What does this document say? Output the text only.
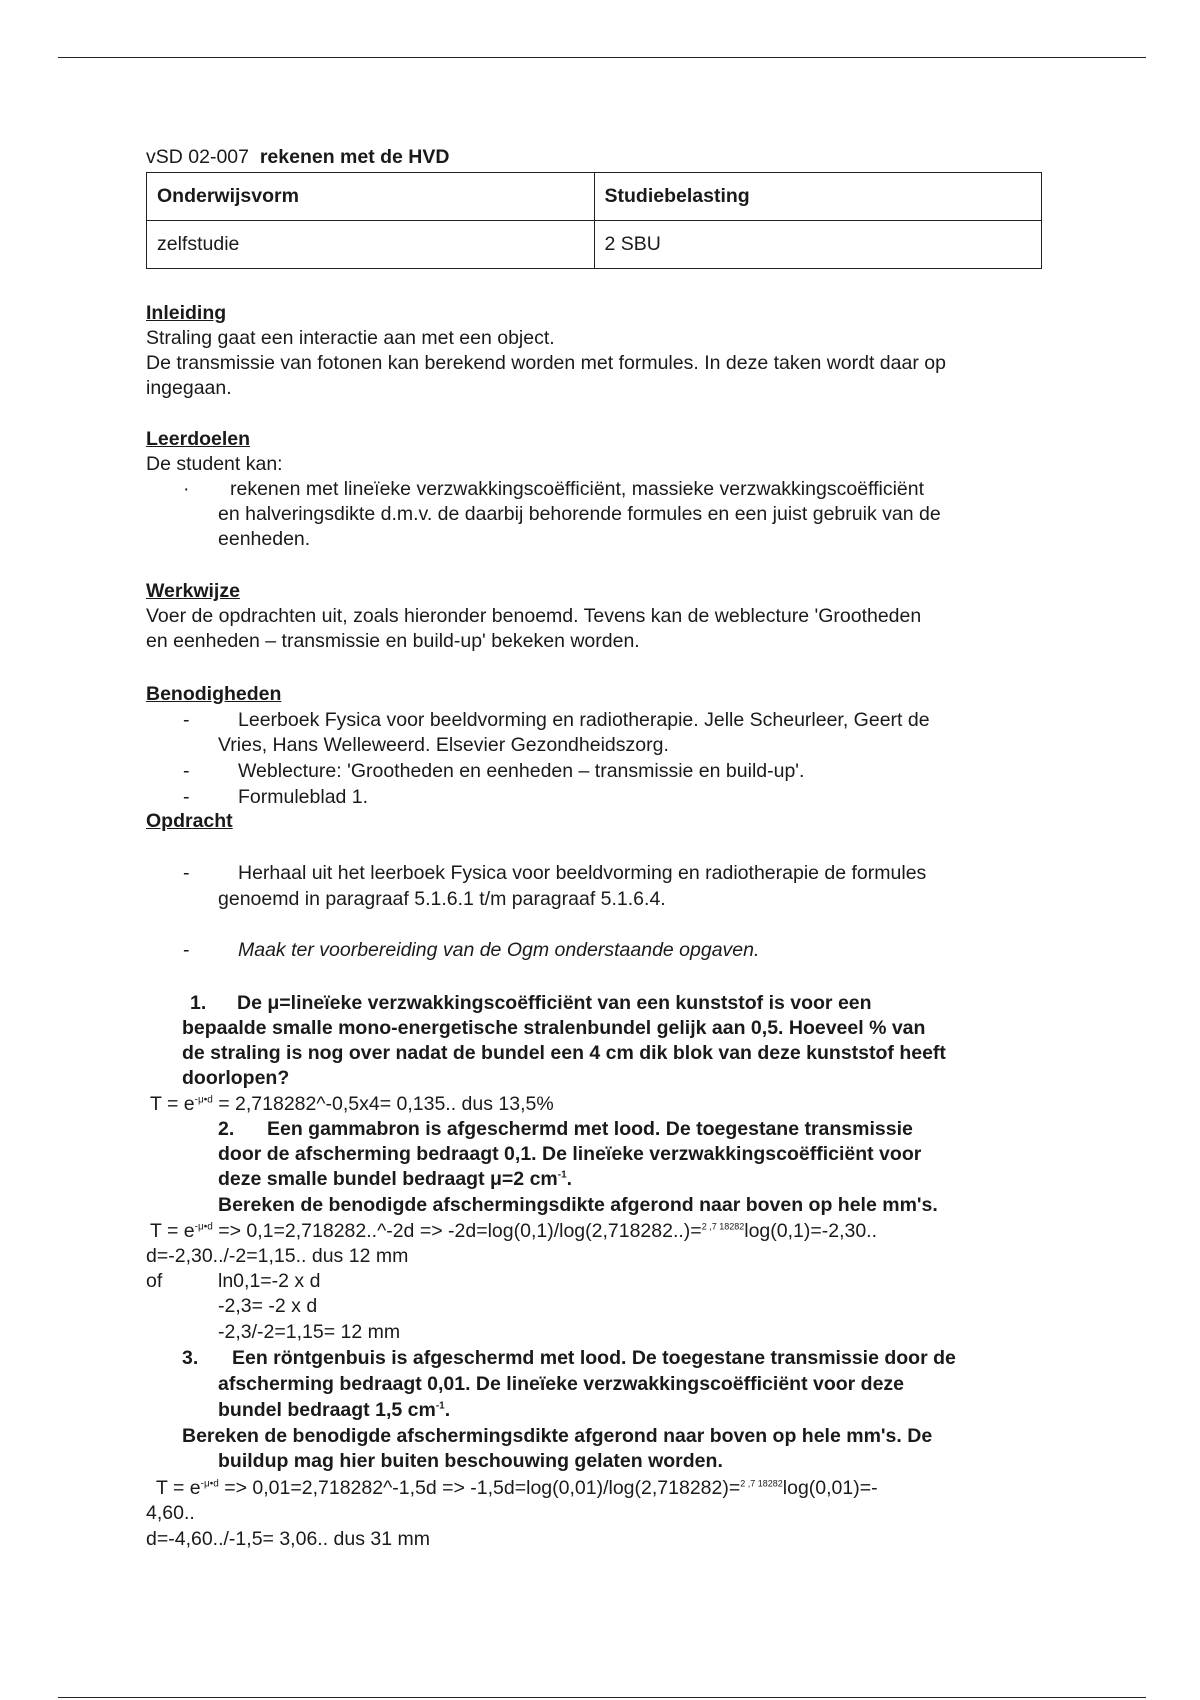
vSD 02-007 rekenen met de HVD
Onderwijsvorm	Studiebelasting
zelfstudie	2 SBU
Inleiding
Straling gaat een interactie aan met een object.
De transmissie van fotonen kan berekend worden met formules. In deze taken wordt daar op
ingegaan.
Leerdoelen
De student kan:
· rekenen met lineïeke verzwakkingscoëfficiënt, massieke verzwakkingscoëfficiënt
en halveringsdikte d.m.v. de daarbij behorende formules en een juist gebruik van de
eenheden.
Werkwijze
Voer de opdrachten uit, zoals hieronder benoemd. Tevens kan de weblecture 'Grootheden
en eenheden – transmissie en build-up' bekeken worden.
Benodigheden
- Leerboek Fysica voor beeldvorming en radiotherapie. Jelle Scheurleer, Geert de
Vries, Hans Welleweerd. Elsevier Gezondheidszorg.
- Weblecture: 'Grootheden en eenheden – transmissie en build-up'.
- Formuleblad 1.
Opdracht
- Herhaal uit het leerboek Fysica voor beeldvorming en radiotherapie de formules
genoemd in paragraaf 5.1.6.1 t/m paragraaf 5.1.6.4.
- Maak ter voorbereiding van de Ogm onderstaande opgaven.
1. De μ=lineïeke verzwakkingscoëfficiënt van een kunststof is voor een
bepaalde smalle mono-energetische stralenbundel gelijk aan 0,5. Hoeveel % van
de straling is nog over nadat de bundel een 4 cm dik blok van deze kunststof heeft
doorlopen?
$T = e^{-\mu•d}$ = 2,718282^-0,5x4= 0,135.. dus 13,5%
2. Een gammabron is afgeschermd met lood. De toegestane transmissie
door de afscherming bedraagt 0,1. De lineïeke verzwakkingscoëfficiënt voor
deze smalle bundel bedraagt μ=2 $cm^{-1}$.
Bereken de benodigde afschermingsdikte afgerond naar boven op hele mm's.
$T = e^{-\mu•d}$ => 0,1=2,718282..^-2d => -2d=log(0,1)/log(2,718282..)=$^{2 ,7 18282}$log(0,1)=-2,30..
d=-2,30../-2=1,15.. dus 12 mm
of	ln0,1=-2 x d
-2,3= -2 x d
-2,3/-2=1,15= 12 mm
3. Een röntgenbuis is afgeschermd met lood. De toegestane transmissie door de
afscherming bedraagt 0,01. De lineïeke verzwakkingscoëfficiënt voor deze
bundel bedraagt 1,5 $cm^{-1}$.
Bereken de benodigde afschermingsdikte afgerond naar boven op hele mm's. De
buildup mag hier buiten beschouwing gelaten worden.
$T = e^{-\mu•d}$ => 0,01=2,718282^-1,5d => -1,5d=log(0,01)/log(2,718282)=$^{2 ,7 18282}$log(0,01)=-
4,60..
d=-4,60../-1,5= 3,06.. dus 31 mm
